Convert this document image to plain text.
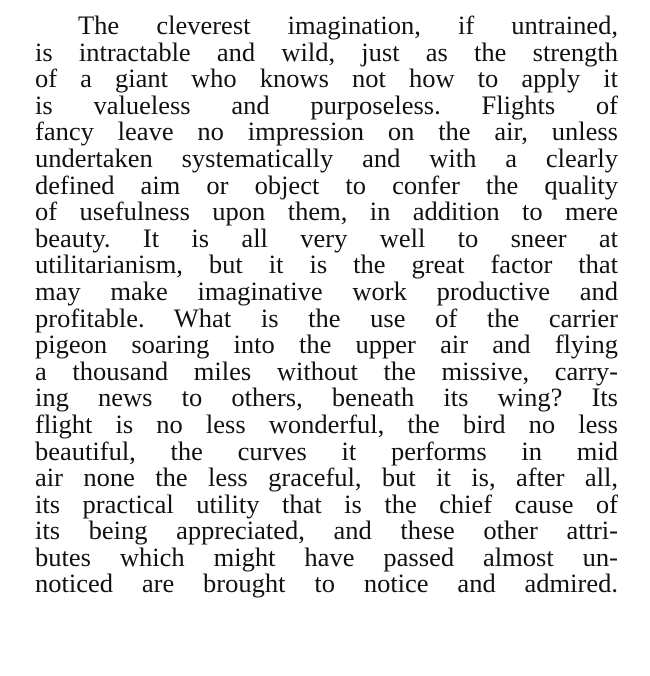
The cleverest imagination, if untrained,
is intractable and wild, just as the strength
of a giant who knows not how to apply it
is valueless and purposeless. Flights of
fancy leave no impression on the air, unless
undertaken systematically and with a clearly
defined aim or object to confer the quality
of usefulness upon them, in addition to mere
beauty. It is all very well to sneer at
utilitarianism, but it is the great factor that
may make imaginative work productive and
profitable. What is the use of the carrier
pigeon soaring into the upper air and flying
a thousand miles without the missive, carry-
ing news to others, beneath its wing? Its
flight is no less wonderful, the bird no less
beautiful, the curves it performs in mid
air none the less graceful, but it is, after all,
its practical utility that is the chief cause of
its being appreciated, and these other attri-
butes which might have passed almost un-
noticed are brought to notice and admired.
